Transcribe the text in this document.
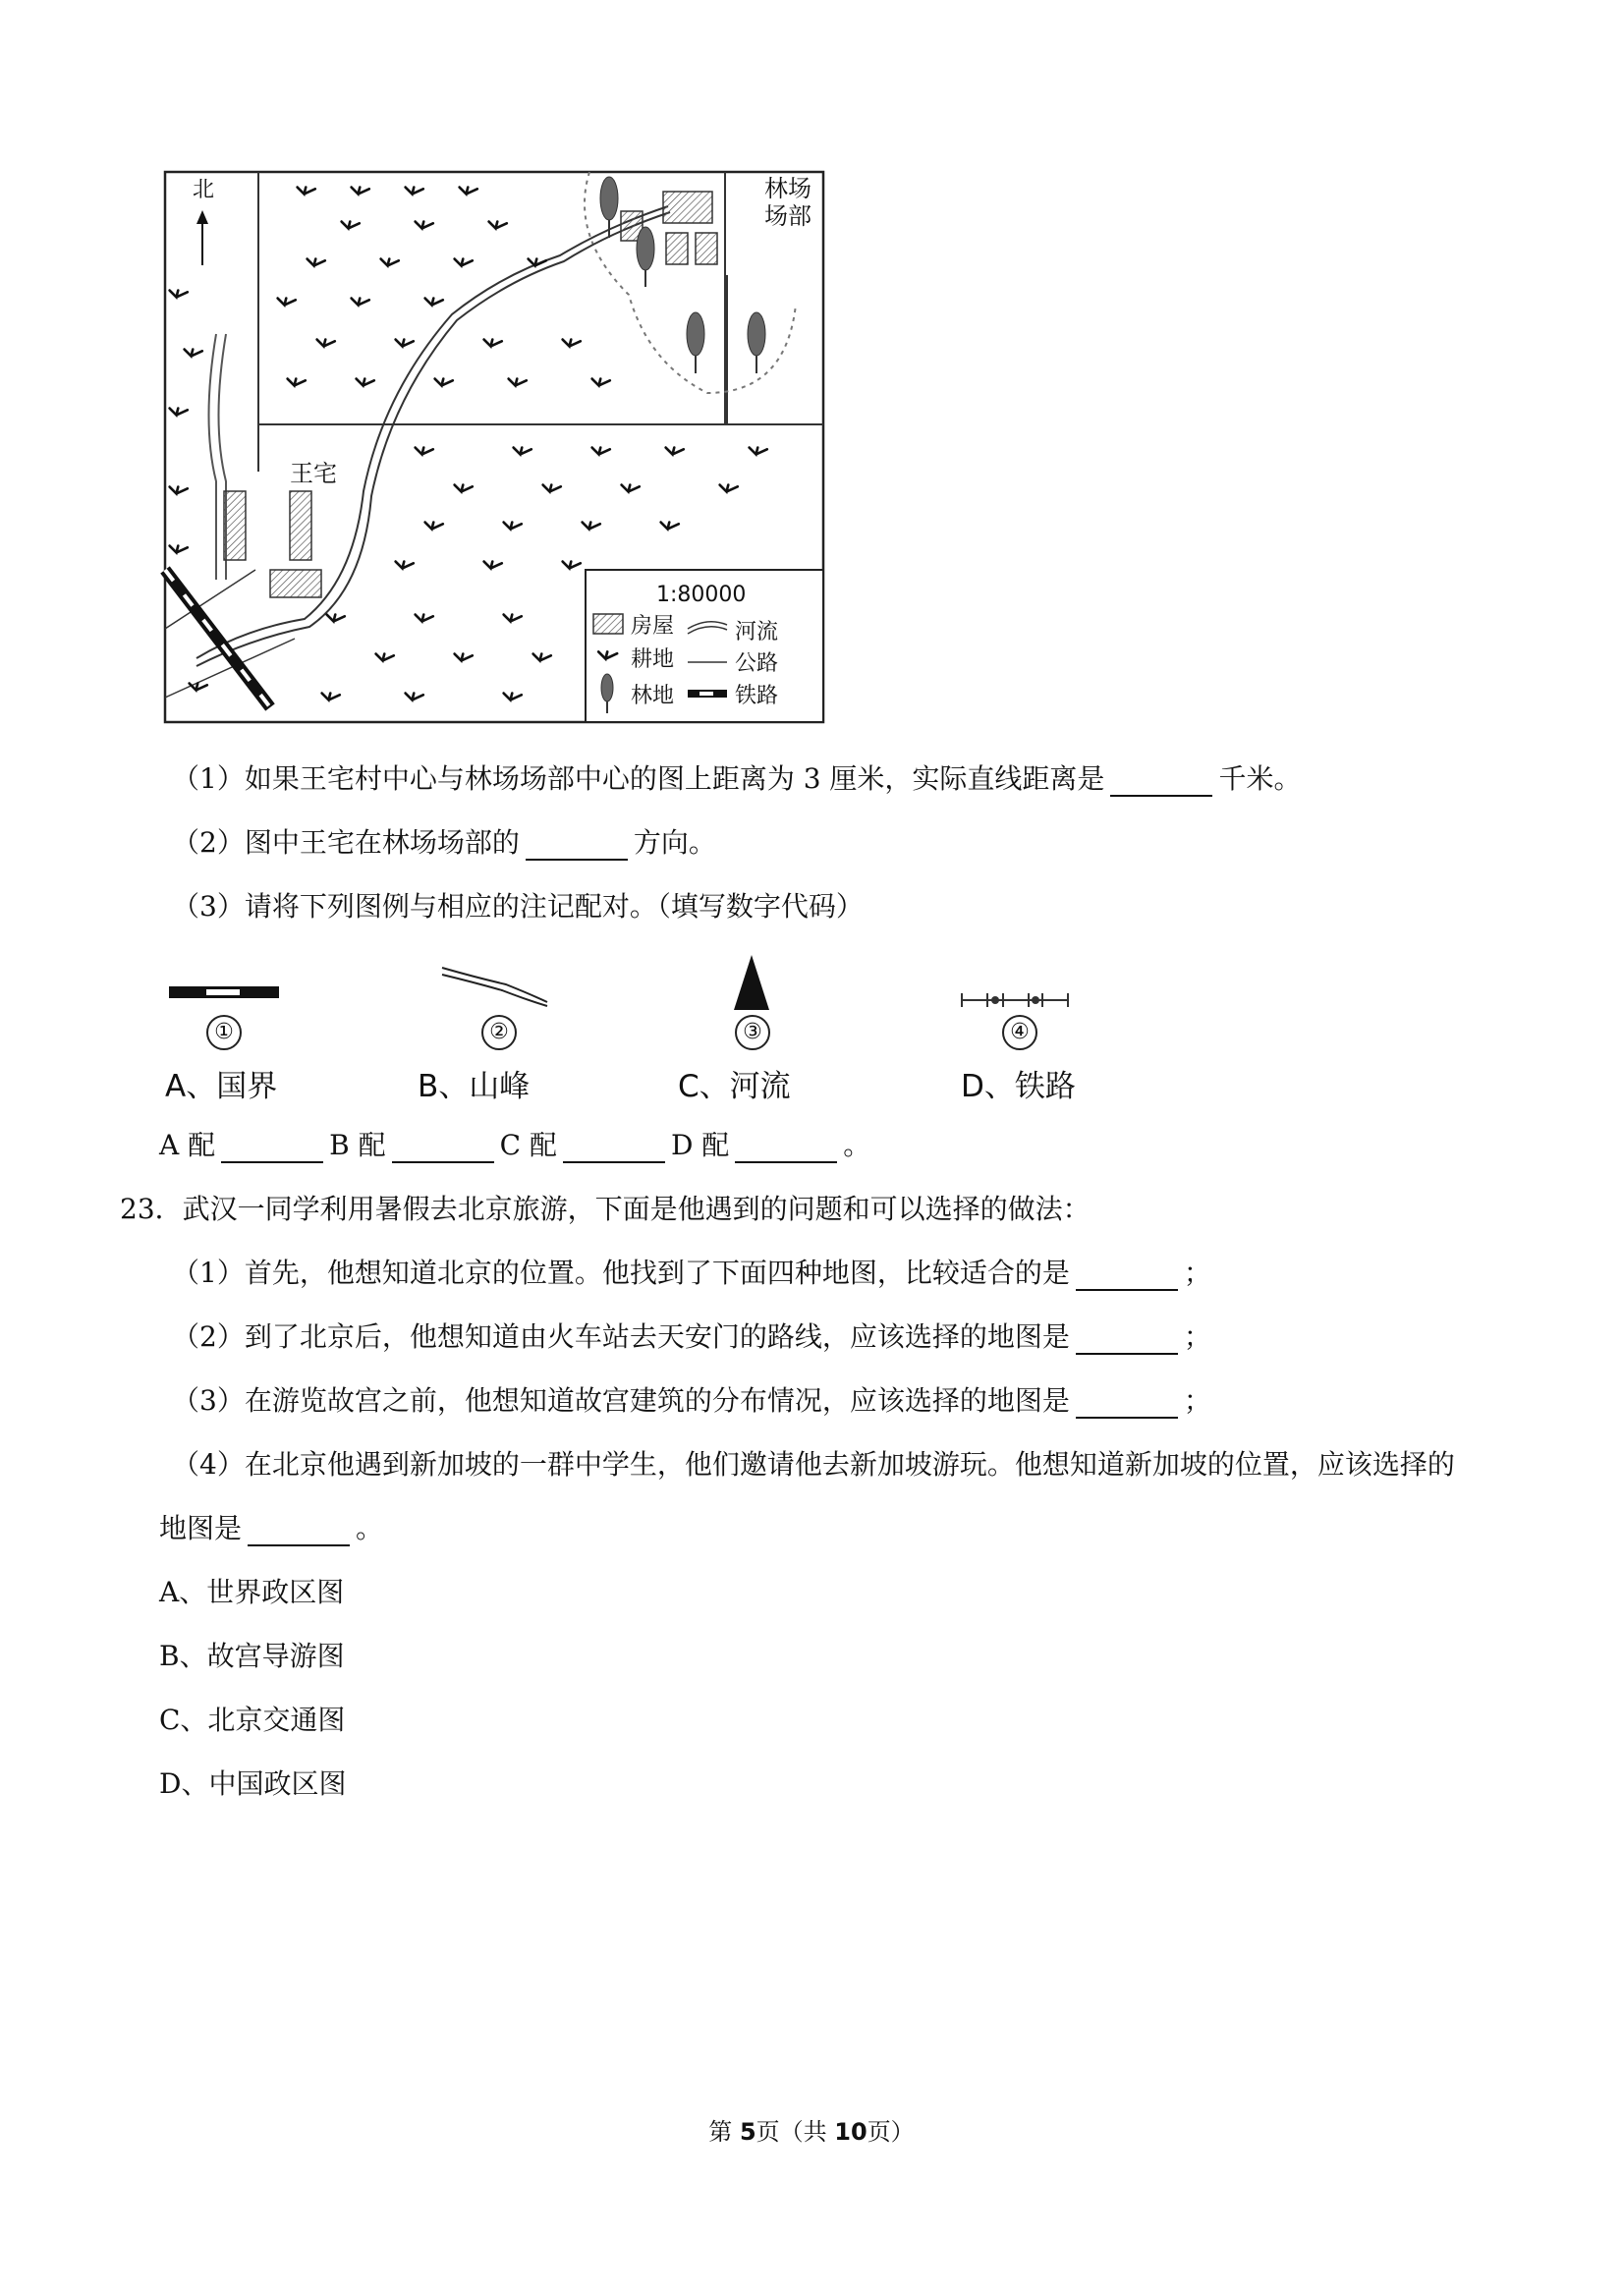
北
王宅
林场
场部
1:80000
房屋	河流
耕地	公路
林地	铁路
（1）如果王宅村中心与林场场部中心的图上距离为 3 厘米，实际直线距离是	千米。
（2）图中王宅在林场场部的	方向。
（3）请将下列图例与相应的注记配对。（填写数字代码）
①	②	③	④
A、国界	B、山峰	C、河流	D、铁路
A 配	B 配	C 配	D 配	。
23．武汉一同学利用暑假去北京旅游，下面是他遇到的问题和可以选择的做法：
（1）首先，他想知道北京的位置。他找到了下面四种地图，比较适合的是	；
（2）到了北京后，他想知道由火车站去天安门的路线，应该选择的地图是	；
（3）在游览故宫之前，他想知道故宫建筑的分布情况，应该选择的地图是	；
（4）在北京他遇到新加坡的一群中学生，他们邀请他去新加坡游玩。他想知道新加坡的位置，应该选择的
地图是	。
A、世界政区图
B、故宫导游图
C、北京交通图
D、中国政区图
第 5页（共 10页）
